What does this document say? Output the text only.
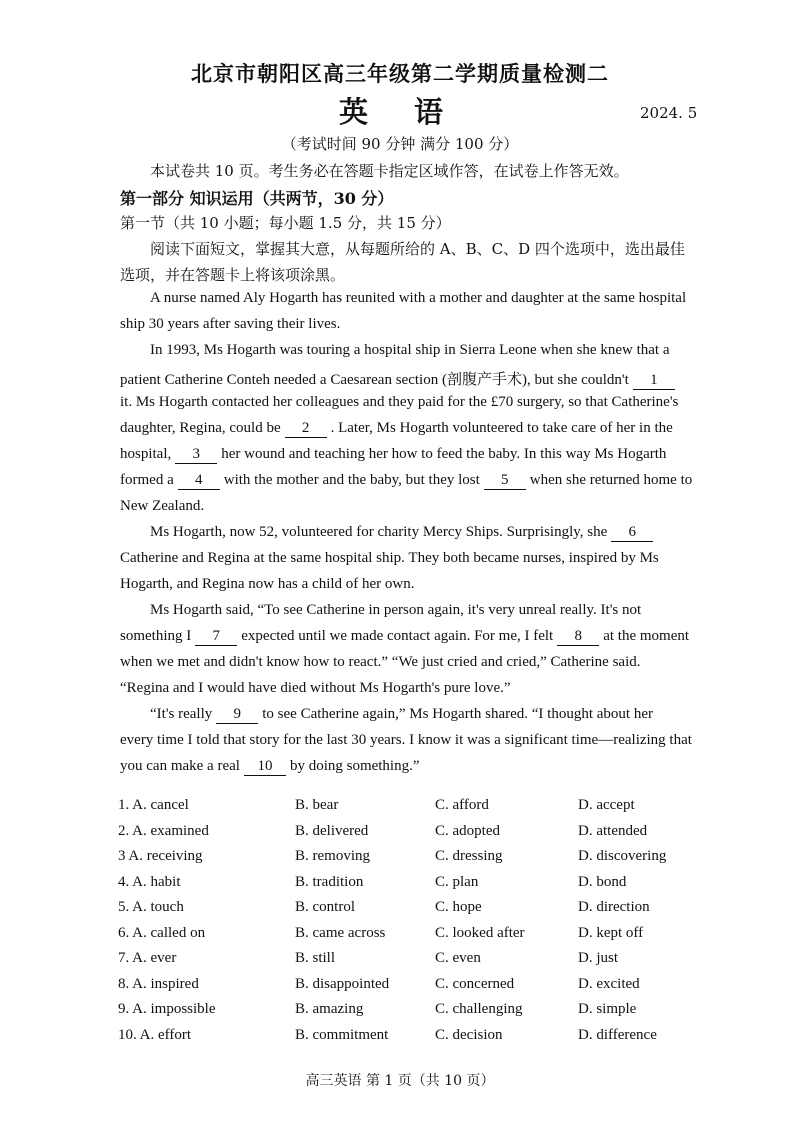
北京市朝阳区高三年级第二学期质量检测二
英 语	2024. 5
（考试时间 90 分钟 满分 100 分）
本试卷共 10 页。考生务必在答题卡指定区域作答，在试卷上作答无效。
第一部分 知识运用（共两节，30 分）
第一节（共 10 小题；每小题 1.5 分，共 15 分）
阅读下面短文，掌握其大意，从每题所给的 A、B、C、D 四个选项中，选出最佳
选项，并在答题卡上将该项涂黑。
A nurse named Aly Hogarth has reunited with a mother and daughter at the same hospital
ship 30 years after saving their lives.
In 1993, Ms Hogarth was touring a hospital ship in Sierra Leone when she knew that a
patient Catherine Conteh needed a Caesarean section (剖腹产手术), but she couldn't 1
it. Ms Hogarth contacted her colleagues and they paid for the £70 surgery, so that Catherine's
daughter, Regina, could be 2 . Later, Ms Hogarth volunteered to take care of her in the
hospital, 3 her wound and teaching her how to feed the baby. In this way Ms Hogarth
formed a 4 with the mother and the baby, but they lost 5 when she returned home to
New Zealand.
Ms Hogarth, now 52, volunteered for charity Mercy Ships. Surprisingly, she 6
Catherine and Regina at the same hospital ship. They both became nurses, inspired by Ms
Hogarth, and Regina now has a child of her own.
Ms Hogarth said, “To see Catherine in person again, it's very unreal really. It's not
something I 7 expected until we made contact again. For me, I felt 8 at the moment
when we met and didn't know how to react.” “We just cried and cried,” Catherine said.
“Regina and I would have died without Ms Hogarth's pure love.”
“It's really 9 to see Catherine again,” Ms Hogarth shared. “I thought about her
every time I told that story for the last 30 years. I know it was a significant time—realizing that
you can make a real 10 by doing something.”
1. A. cancel	B. bear	C. afford	D. accept
2. A. examined	B. delivered	C. adopted	D. attended
3 A. receiving	B. removing	C. dressing	D. discovering
4. A. habit	B. tradition	C. plan	D. bond
5. A. touch	B. control	C. hope	D. direction
6. A. called on	B. came across	C. looked after	D. kept off
7. A. ever	B. still	C. even	D. just
8. A. inspired	B. disappointed	C. concerned	D. excited
9. A. impossible	B. amazing	C. challenging	D. simple
10. A. effort	B. commitment	C. decision	D. difference
高三英语 第 1 页（共 10 页）
